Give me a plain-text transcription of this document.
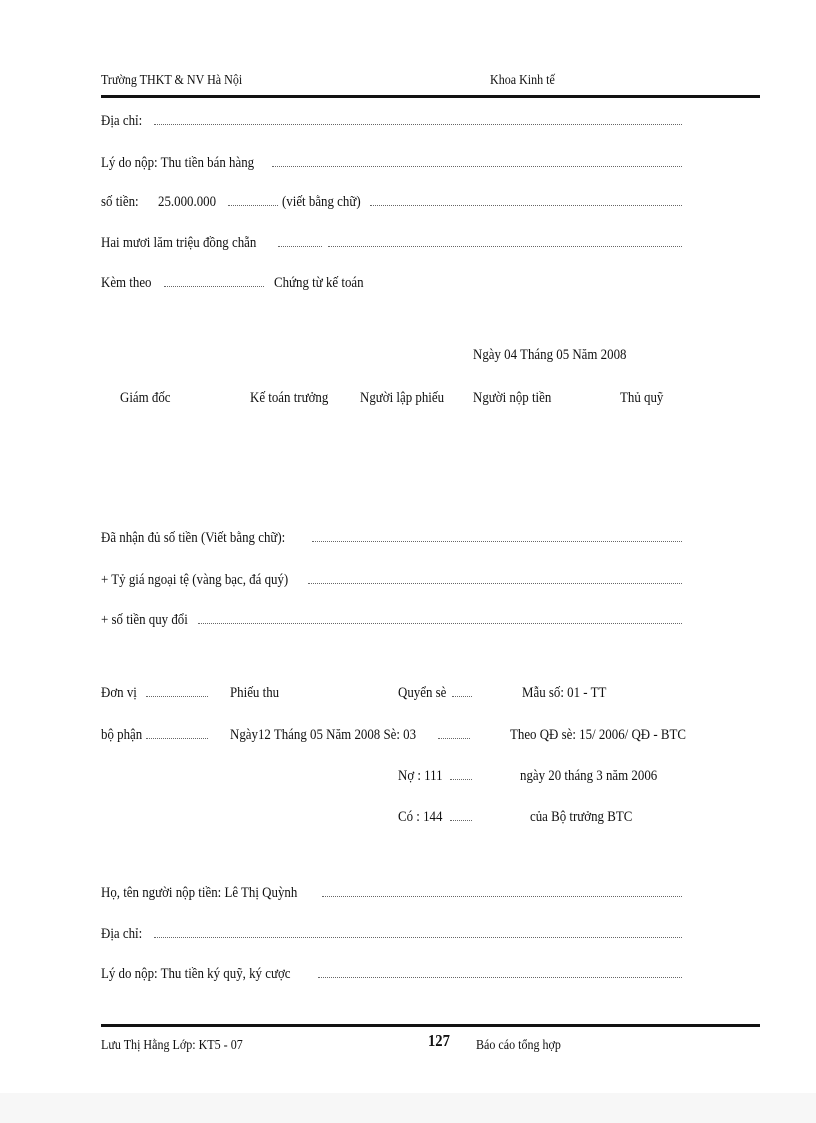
Trường THKT & NV Hà Nội	Khoa Kinh tế
Địa chỉ:
Lý do nộp: Thu tiền bán hàng
số tiền: 25.000.000	(viết bằng chữ)
Hai mươi lăm triệu đồng chẵn
Kèm theo	Chứng từ kế toán
Ngày 04 Tháng 05 Năm 2008
Giám đốc	Kế toán trưởng Người lập phiếu Người nộp tiền	Thủ quỹ
Đã nhận đủ số tiền (Viết bằng chữ):
+ Tỷ giá ngoại tệ (vàng bạc, đá quý)
+ số tiền quy đổi
Đơn vị	Phiếu thu	Quyển sè	Mẫu số: 01 - TT
bộ phận	Ngày12 Tháng 05 Năm 2008 Sè: 03	Theo QĐ sè: 15/ 2006/ QĐ - BTC
Nợ : 111	ngày 20 tháng 3 năm 2006
Có : 144	của Bộ trưởng BTC
Họ, tên người nộp tiền: Lê Thị Quỳnh
Địa chỉ:
Lý do nộp: Thu tiền ký quỹ, ký cược
Lưu Thị Hằng Lớp: KT5 - 07	127 Báo cáo tổng hợp
